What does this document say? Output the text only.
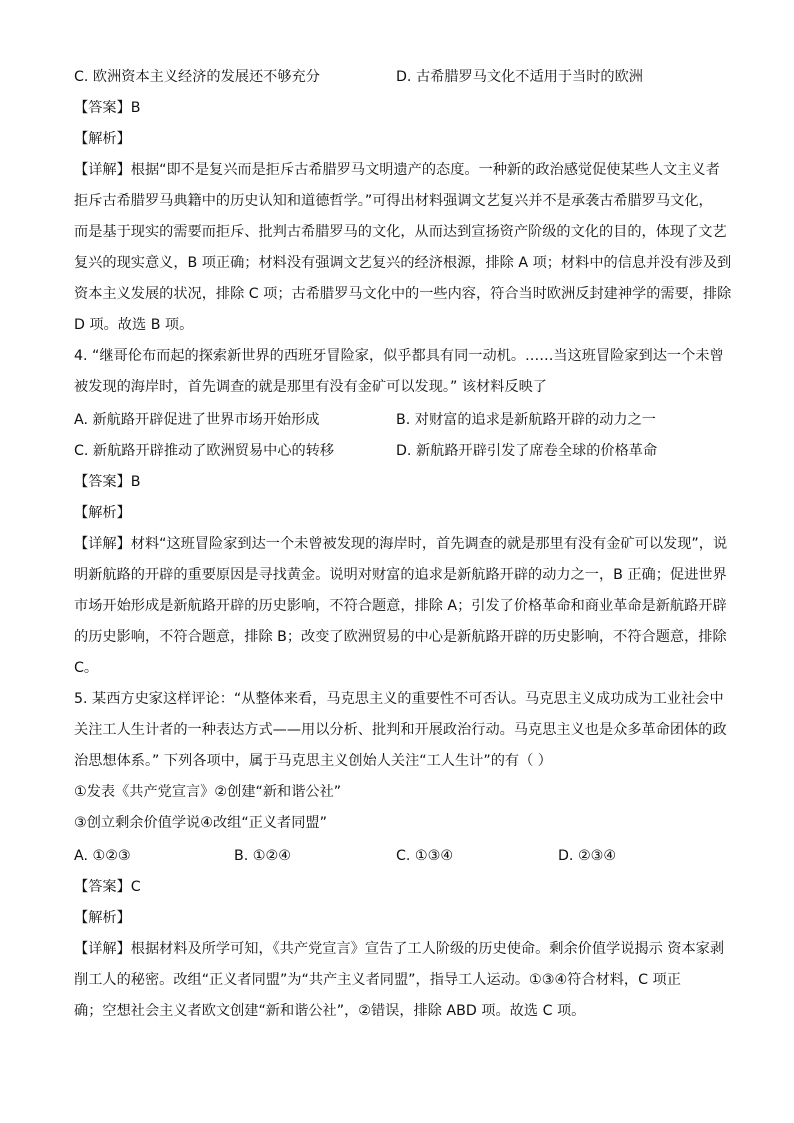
C. 欧洲资本主义经济的发展还不够充分	D. 古希腊罗马文化不适用于当时的欧洲
【答案】B
【解析】
【详解】根据“即不是复兴而是拒斥古希腊罗马文明遗产的态度。一种新的政治感觉促使某些人文主义者
拒斥古希腊罗马典籍中的历史认知和道德哲学。”可得出材料强调文艺复兴并不是承袭古希腊罗马文化，
而是基于现实的需要而拒斥、批判古希腊罗马的文化，从而达到宣扬资产阶级的文化的目的，体现了文艺
复兴的现实意义，B 项正确；材料没有强调文艺复兴的经济根源，排除 A 项；材料中的信息并没有涉及到
资本主义发展的状况，排除 C 项；古希腊罗马文化中的一些内容，符合当时欧洲反封建神学的需要，排除
D 项。故选 B 项。
4. “继哥伦布而起的探索新世界的西班牙冒险家，似乎都具有同一动机。……当这班冒险家到达一个未曾
被发现的海岸时，首先调查的就是那里有没有金矿可以发现。” 该材料反映了
A. 新航路开辟促进了世界市场开始形成	B. 对财富的追求是新航路开辟的动力之一
C. 新航路开辟推动了欧洲贸易中心的转移	D. 新航路开辟引发了席卷全球的价格革命
【答案】B
【解析】
【详解】材料“这班冒险家到达一个未曾被发现的海岸时，首先调查的就是那里有没有金矿可以发现”，说
明新航路的开辟的重要原因是寻找黄金。说明对财富的追求是新航路开辟的动力之一，B 正确；促进世界
市场开始形成是新航路开辟的历史影响，不符合题意，排除 A；引发了价格革命和商业革命是新航路开辟
的历史影响，不符合题意，排除 B；改变了欧洲贸易的中心是新航路开辟的历史影响，不符合题意，排除
C。
5. 某西方史家这样评论：“从整体来看，马克思主义的重要性不可否认。马克思主义成功成为工业社会中
关注工人生计者的一种表达方式——用以分析、批判和开展政治行动。马克思主义也是众多革命团体的政
治思想体系。” 下列各项中，属于马克思主义创始人关注“工人生计”的有（ ）
①发表《共产党宣言》②创建“新和谐公社”
③创立剩余价值学说④改组“正义者同盟”
A. ①②③	B. ①②④	C. ①③④	D. ②③④
【答案】C
【解析】
【详解】根据材料及所学可知，《共产党宣言》宣告了工人阶级的历史使命。剩余价值学说揭示 资本家剥
削工人的秘密。改组“正义者同盟”为“共产主义者同盟”，指导工人运动。①③④符合材料，C 项正
确；空想社会主义者欧文创建“新和谐公社”，②错误，排除 ABD 项。故选 C 项。
